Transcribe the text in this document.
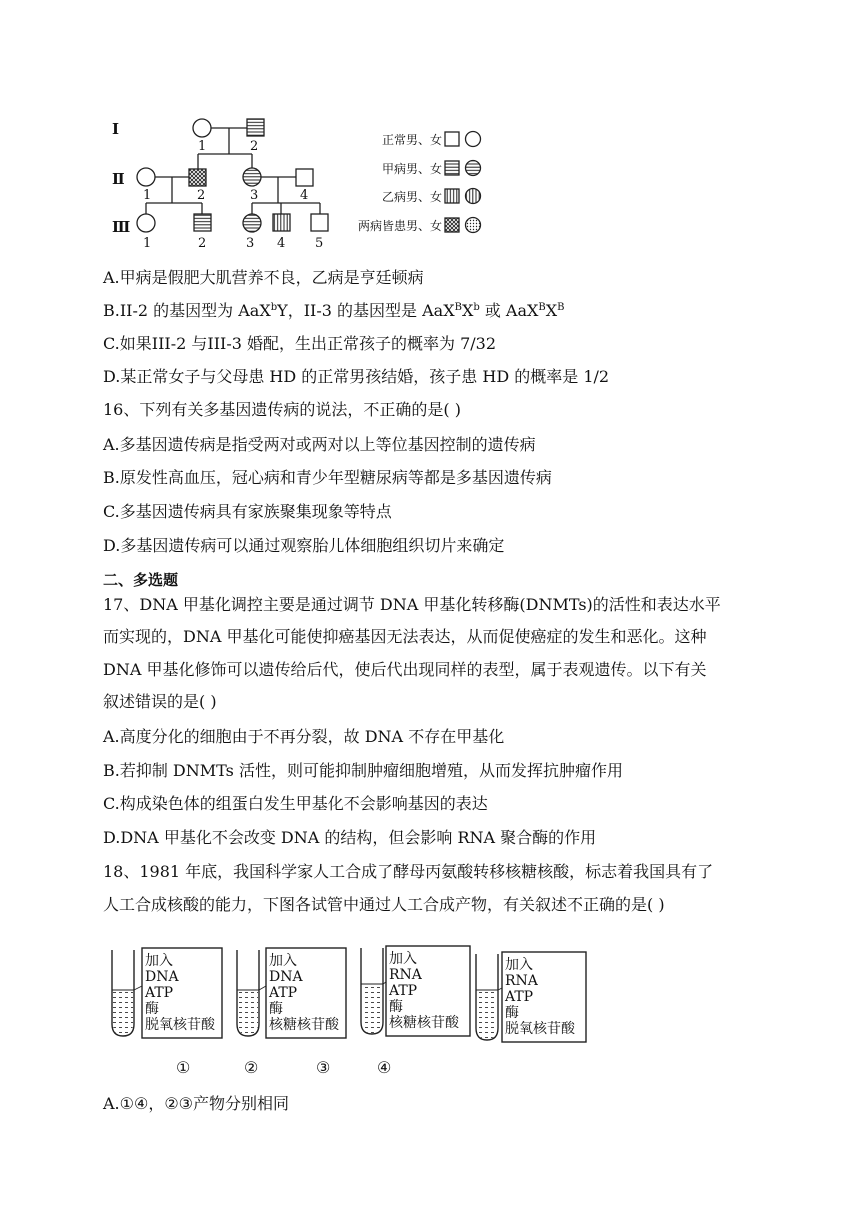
Ⅰ
Ⅱ
Ⅲ
1	2
1	2	3	4
1	2	3 4 5
正常男、女
甲病男、女
乙病男、女
两病皆患男、女
A.甲病是假肥大肌营养不良，乙病是亨廷顿病
B.II-2 的基因型为 AaX$^b$Y，II-3 的基因型是 $AaX^BX^b$ 或 $AaX^BX^B$
C.如果III-2 与III-3 婚配，生出正常孩子的概率为 7/32
D.某正常女子与父母患 HD 的正常男孩结婚，孩子患 HD 的概率是 1/2
16、下列有关多基因遗传病的说法，不正确的是( )
A.多基因遗传病是指受两对或两对以上等位基因控制的遗传病
B.原发性高血压，冠心病和青少年型糖尿病等都是多基因遗传病
C.多基因遗传病具有家族聚集现象等特点
D.多基因遗传病可以通过观察胎儿体细胞组织切片来确定
二、多选题
17、DNA 甲基化调控主要是通过调节 DNA 甲基化转移酶(DNMTs)的活性和表达水平
而实现的，DNA 甲基化可能使抑癌基因无法表达，从而促使癌症的发生和恶化。这种
DNA 甲基化修饰可以遗传给后代，使后代出现同样的表型，属于表观遗传。以下有关
叙述错误的是( )
A.高度分化的细胞由于不再分裂，故 DNA 不存在甲基化
B.若抑制 DNMTs 活性，则可能抑制肿瘤细胞增殖，从而发挥抗肿瘤作用
C.构成染色体的组蛋白发生甲基化不会影响基因的表达
D.DNA 甲基化不会改变 DNA 的结构，但会影响 RNA 聚合酶的作用
18、1981 年底，我国科学家人工合成了酵母丙氨酸转移核糖核酸，标志着我国具有了
人工合成核酸的能力，下图各试管中通过人工合成产物，有关叙述不正确的是( )
加入
DNA
ATP
酶
脱氧核苷酸
加入
DNA
ATP
酶
核糖核苷酸
加入
RNA
ATP
酶
核糖核苷酸
加入
RNA
ATP
酶
脱氧核苷酸
①	②	③	④
A.①④，②③产物分别相同
